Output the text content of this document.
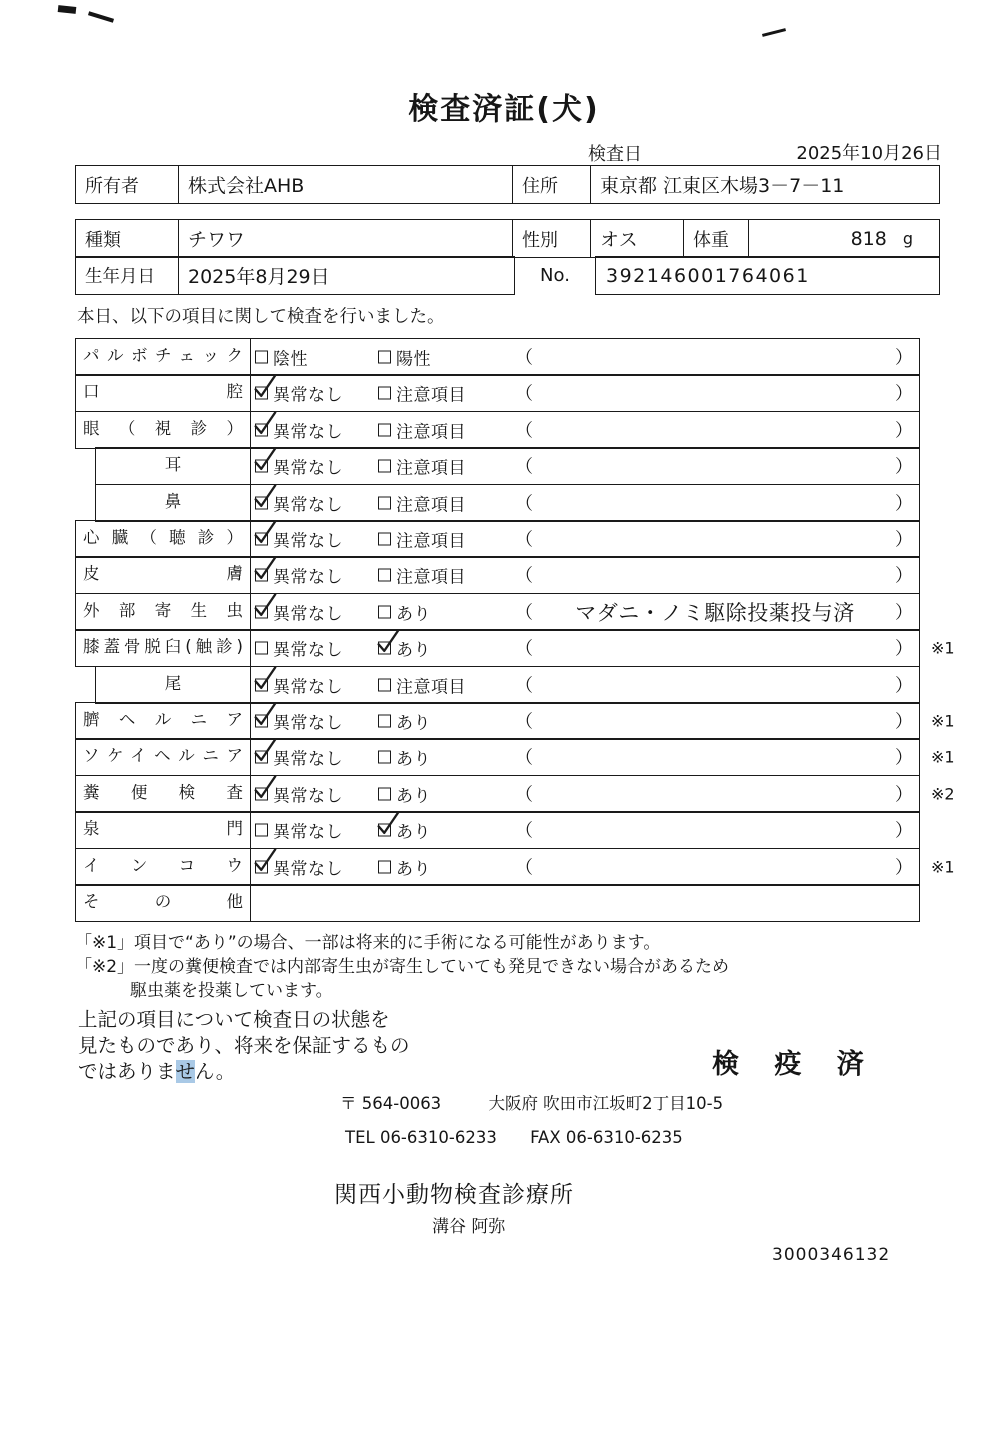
検査済証(犬)
検査日	2025年10月26日
所有者	株式会社AHB	住所	東京都 江東区木場3－7－11
種類	チワワ	性別	オス	体重	818 g
生年月日	2025年8月29日	No.	392146001764061
本日、以下の項目に関して検査を行いました。
パルボチェック	陰性	陽性	（	）
口 腔	異常なし	注意項目	（	）
眼 （ 視 診 ）	異常なし	注意項目	（	）
耳	異常なし	注意項目	（	）
鼻	異常なし	注意項目	（	）
心 臓 （ 聴 診 ）	異常なし	注意項目	（	）
皮 膚	異常なし	注意項目	（	）
外 部 寄 生 虫	異常なし	あり	（	マダニ・ノミ駆除投薬投与済	）
膝蓋骨脱臼(触診)	異常なし	あり	（	） ※1
尾	異常なし	注意項目	（	）
臍 ヘ ル ニ ア	異常なし	あり	（	） ※1
ソケイヘルニア	異常なし	あり	（	） ※1
糞 便 検 査	異常なし	あり	（	） ※2
泉 門	異常なし	あり	（	）
イ ン コ ウ	異常なし	あり	（	） ※1
そ の 他
「※1」項目で“あり”の場合、一部は将来的に手術になる可能性があります。
「※2」一度の糞便検査では内部寄生虫が寄生していても発見できない場合があるため
駆虫薬を投薬しています。
上記の項目について検査日の状態を
見たものであり、将来を保証するもの
ではありません。	検 疫 済
〒 564-0063	大阪府 吹田市江坂町2丁目10-5
TEL 06-6310-6233 FAX 06-6310-6235
関西小動物検査診療所
溝谷 阿弥
3000346132
